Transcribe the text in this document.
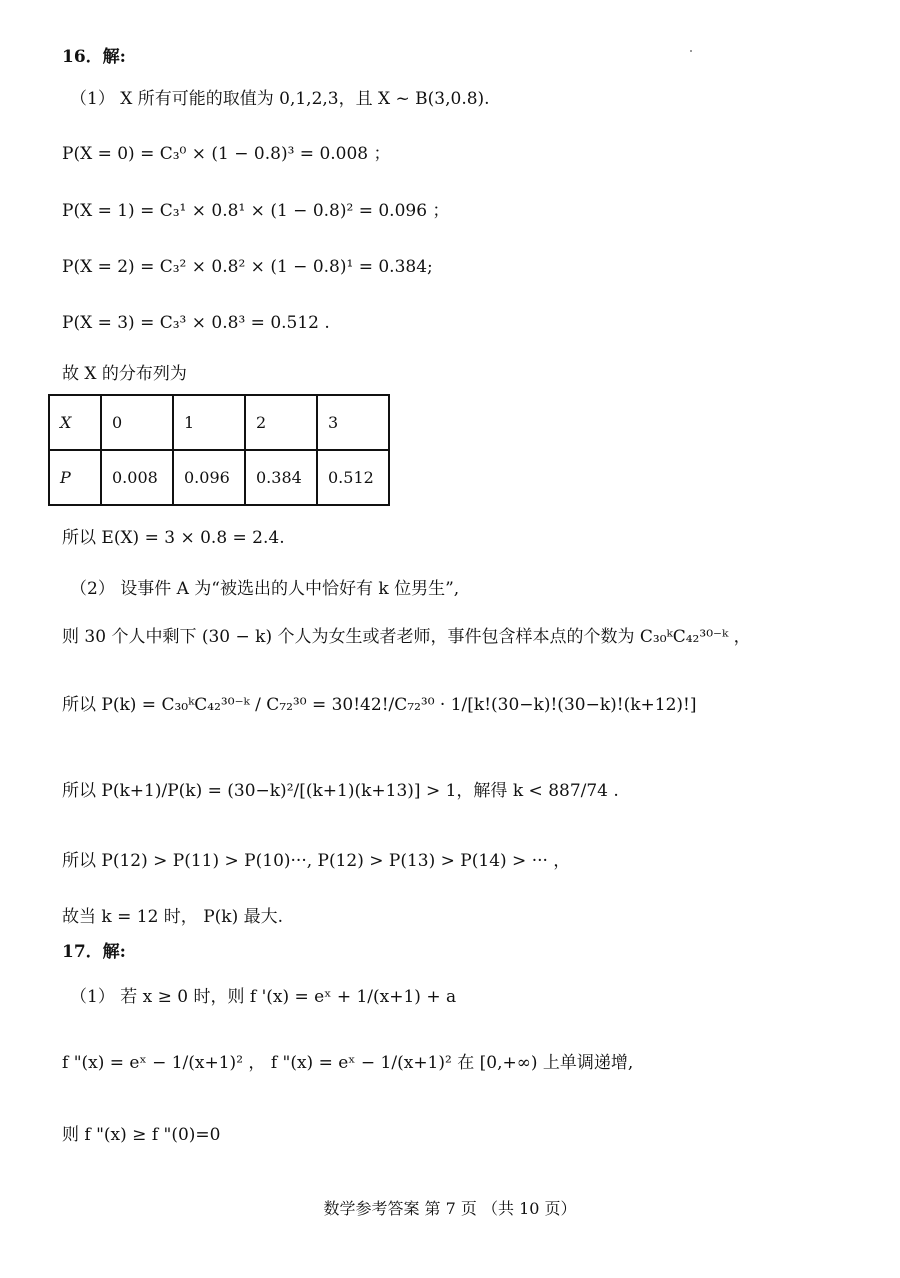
16．解:
（1） X 所有可能的取值为 0,1,2,3，且 X ~ B(3,0.8).
P(X = 0) = C₃⁰ × (1 − 0.8)³ = 0.008 ；
P(X = 1) = C₃¹ × 0.8¹ × (1 − 0.8)² = 0.096 ；
P(X = 2) = C₃² × 0.8² × (1 − 0.8)¹ = 0.384;
P(X = 3) = C₃³ × 0.8³ = 0.512 .
故 X 的分布列为
X	0	1	2	3
P	0.008	0.096	0.384	0.512
所以 E(X) = 3 × 0.8 = 2.4.
（2） 设事件 A 为“被选出的人中恰好有 k 位男生”,
则 30 个人中剩下 (30 − k) 个人为女生或者老师，事件包含样本点的个数为 C₃₀ᵏC₄₂³⁰⁻ᵏ ，
所以 P(k) = C₃₀ᵏC₄₂³⁰⁻ᵏ / C₇₂³⁰ = 30!42!/C₇₂³⁰ · 1/[k!(30−k)!(30−k)!(k+12)!]
所以 P(k+1)/P(k) = (30−k)²/[(k+1)(k+13)] > 1，解得 k < 887/74 .
所以 P(12) > P(11) > P(10)···, P(12) > P(13) > P(14) > ··· ，
故当 k = 12 时， P(k) 最大.
17．解:
（1） 若 x ≥ 0 时，则 f '(x) = eˣ + 1/(x+1) + a
f "(x) = eˣ − 1/(x+1)² ， f "(x) = eˣ − 1/(x+1)² 在 [0,+∞) 上单调递增,
则 f "(x) ≥ f "(0)=0
数学参考答案 第 7 页 （共 10 页）
